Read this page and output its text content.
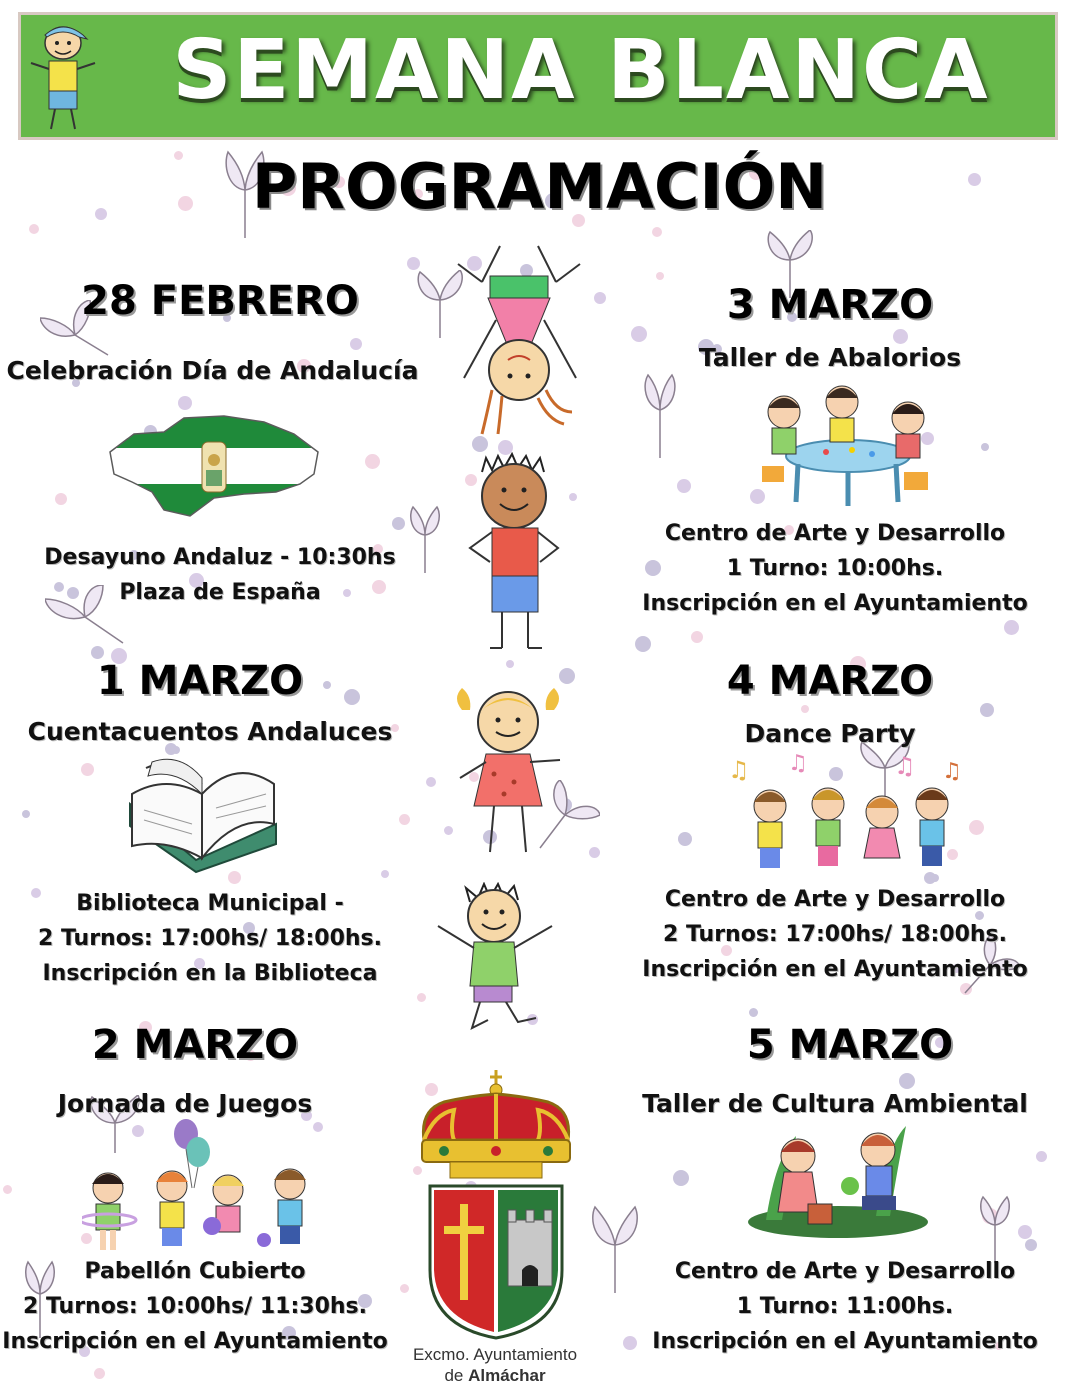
SEMANA BLANCA
PROGRAMACIÓN
28 FEBRERO
Celebración Día de Andalucía
Desayuno Andaluz - 10:30hs
Plaza de España
3 MARZO
Taller de Abalorios
Centro de Arte y Desarrollo
1 Turno: 10:00hs.
Inscripción en el Ayuntamiento
1 MARZO
Cuentacuentos Andaluces
Biblioteca Municipal -
2 Turnos: 17:00hs/ 18:00hs.
Inscripción en la Biblioteca
4 MARZO
Dance Party
♫ ♫	♫ ♫
Centro de Arte y Desarrollo
2 Turnos: 17:00hs/ 18:00hs.
Inscripción en el Ayuntamiento
2 MARZO
Jornada de Juegos
Pabellón Cubierto
2 Turnos: 10:00hs/ 11:30hs.
Inscripción en el Ayuntamiento
5 MARZO
Taller de Cultura Ambiental
Centro de Arte y Desarrollo
1 Turno: 11:00hs.
Inscripción en el Ayuntamiento
Excmo. Ayuntamiento
de Almáchar
